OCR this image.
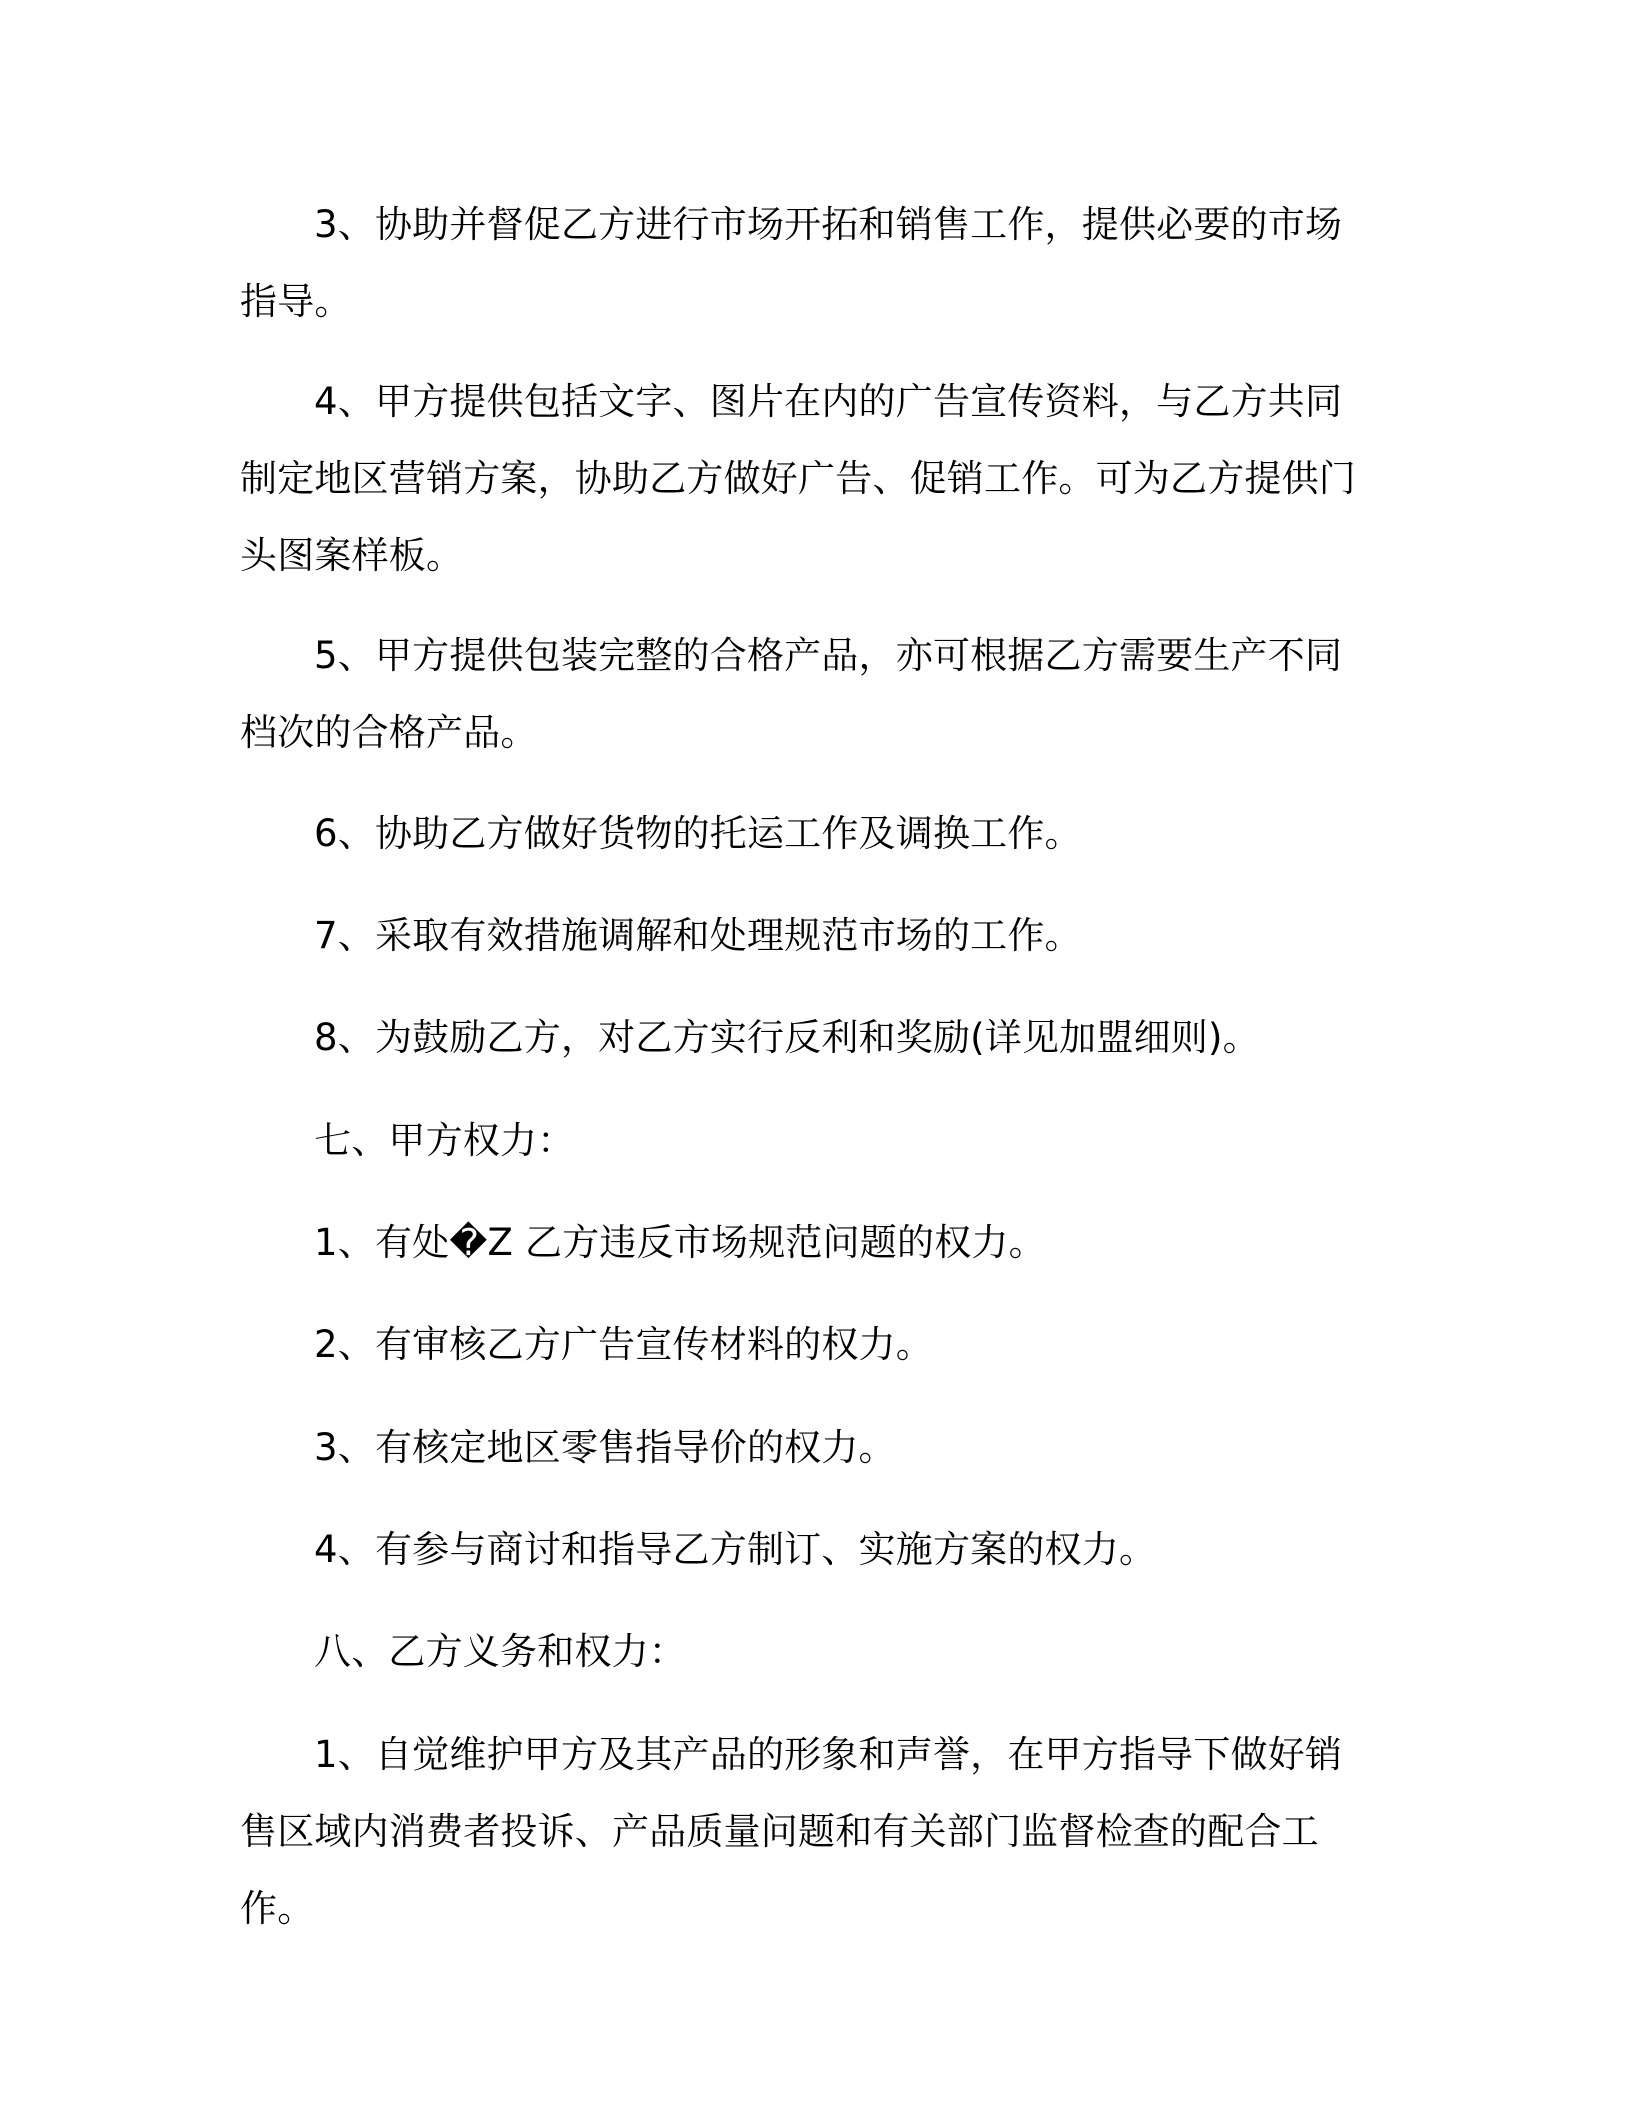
3、协助并督促乙方进行市场开拓和销售工作，提供必要的市场指导。

4、甲方提供包括文字、图片在内的广告宣传资料，与乙方共同制定地区营销方案，协助乙方做好广告、促销工作。可为乙方提供门头图案样板。

5、甲方提供包装完整的合格产品，亦可根据乙方需要生产不同档次的合格产品。

6、协助乙方做好货物的托运工作及调换工作。

7、采取有效措施调解和处理规范市场的工作。

8、为鼓励乙方，对乙方实行反利和奖励(详见加盟细则)。

七、甲方权力：

1、有处�Z 乙方违反市场规范问题的权力。

2、有审核乙方广告宣传材料的权力。

3、有核定地区零售指导价的权力。

4、有参与商讨和指导乙方制订、实施方案的权力。

八、乙方义务和权力：

1、自觉维护甲方及其产品的形象和声誉，在甲方指导下做好销售区域内消费者投诉、产品质量问题和有关部门监督检查的配合工作。
